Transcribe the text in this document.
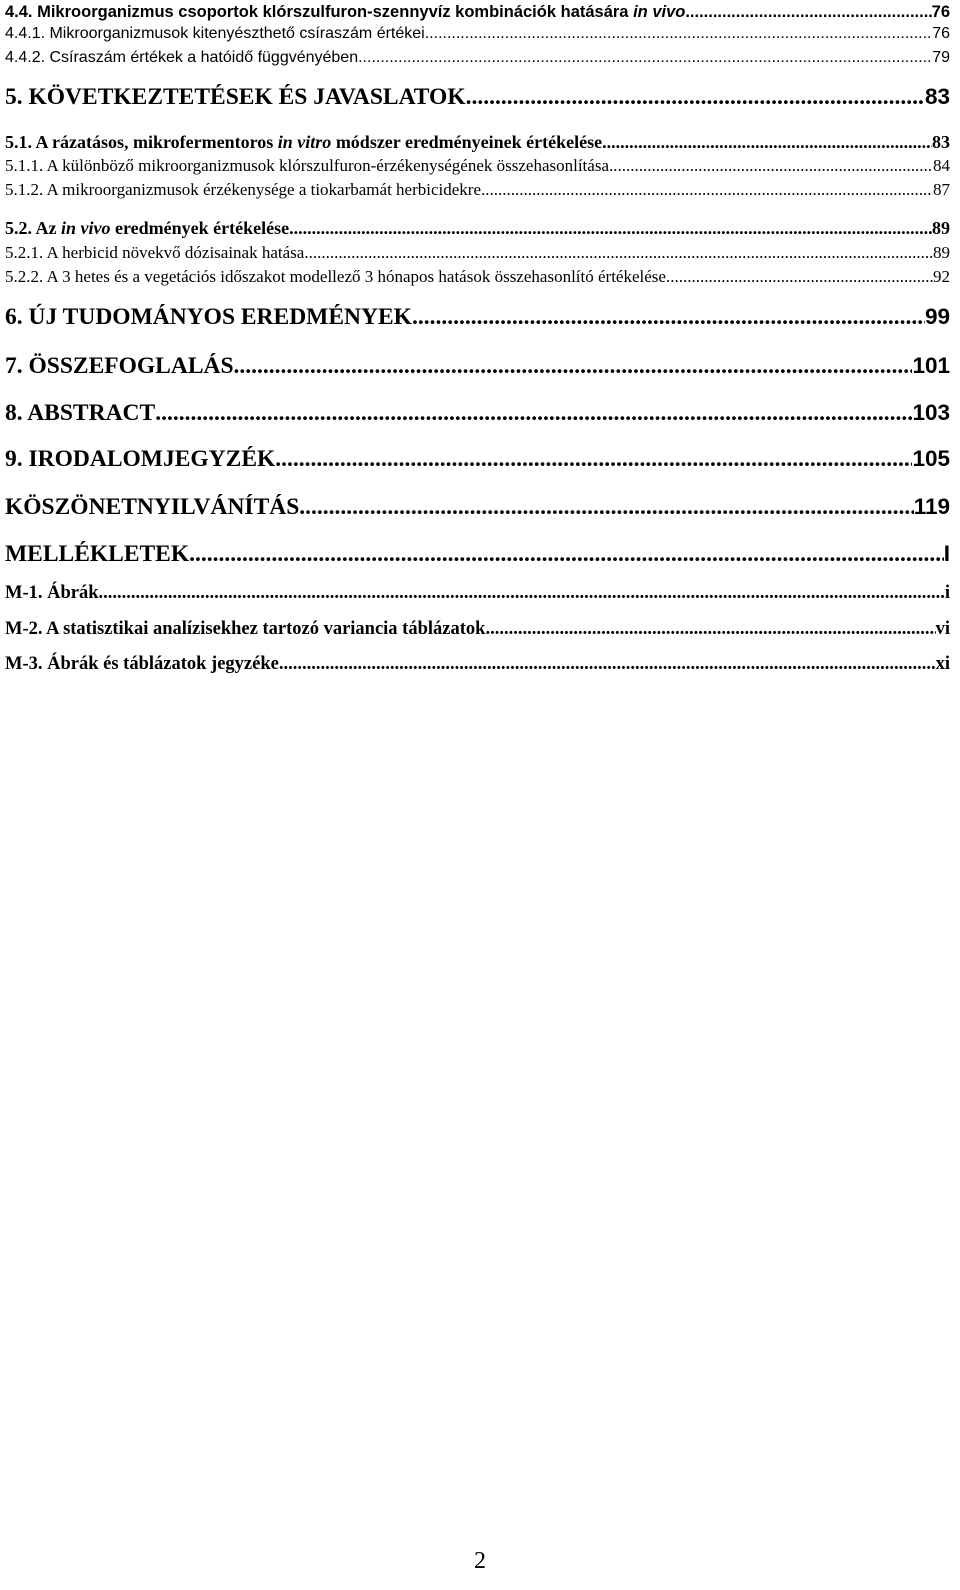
4.4. Mikroorganizmus csoportok klórszulfuron-szennyvíz kombinációk hatására in vivo .....	76
4.4.1. Mikroorganizmusok kitenyészthető csíraszám értékei .....	76
4.4.2. Csíraszám értékek a hatóidő függvényében .....	79
5. KÖVETKEZTETÉSEK ÉS JAVASLATOK .....	83
5.1. A rázatásos, mikrofermentoros in vitro módszer eredményeinek értékelése .....	83
5.1.1. A különböző mikroorganizmusok klórszulfuron-érzékenységének összehasonlítása .....	84
5.1.2. A mikroorganizmusok érzékenysége a tiokarbamát herbicidekre .....	87
5.2. Az in vivo eredmények értékelése .....	89
5.2.1. A herbicid növekvő dózisainak hatása .....	89
5.2.2. A 3 hetes és a vegetációs időszakot modellező 3 hónapos hatások összehasonlító értékelése .....	92
6. ÚJ TUDOMÁNYOS EREDMÉNYEK .....	99
7. ÖSSZEFOGLALÁS .....	101
8. ABSTRACT .....	103
9. IRODALOMJEGYZÉK .....	105
KÖSZÖNETNYILVÁNÍTÁS .....	119
MELLÉKLETEK .....	I
M-1. Ábrák .....	i
M-2. A statisztikai analízisekhez tartozó variancia táblázatok .....	vi
M-3. Ábrák és táblázatok jegyzéke .....	xi
2
